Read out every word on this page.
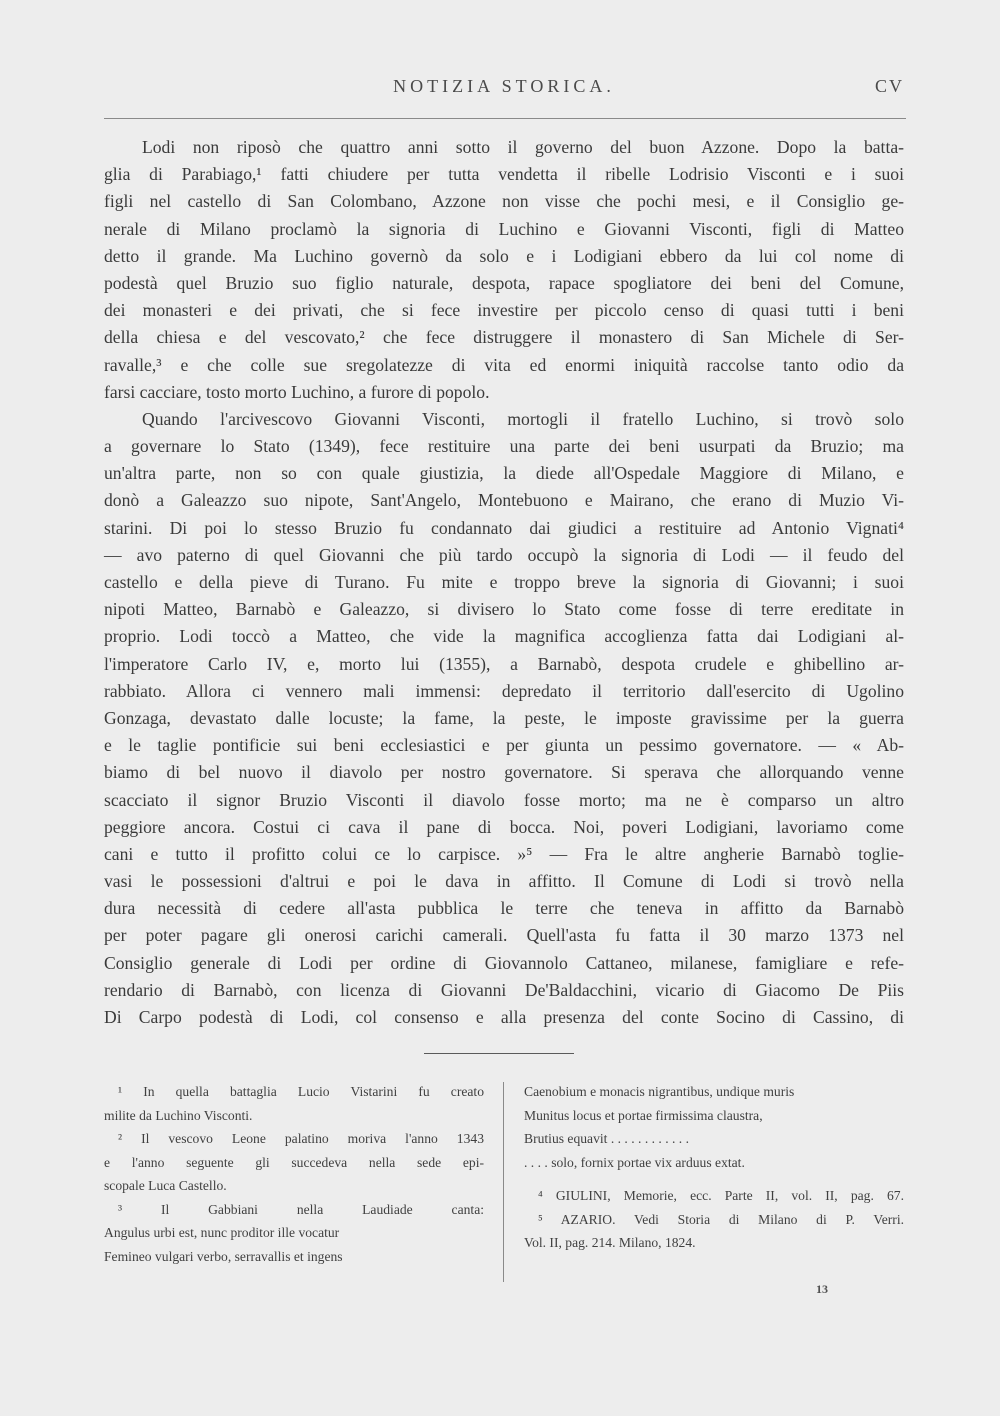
NOTIZIA STORICA.	CV
Lodi non riposò che quattro anni sotto il governo del buon Azzone. Dopo la batta-
glia di Parabiago,¹ fatti chiudere per tutta vendetta il ribelle Lodrisio Visconti e i suoi
figli nel castello di San Colombano, Azzone non visse che pochi mesi, e il Consiglio ge-
nerale di Milano proclamò la signoria di Luchino e Giovanni Visconti, figli di Matteo
detto il grande. Ma Luchino governò da solo e i Lodigiani ebbero da lui col nome di
podestà quel Bruzio suo figlio naturale, despota, rapace spogliatore dei beni del Comune,
dei monasteri e dei privati, che si fece investire per piccolo censo di quasi tutti i beni
della chiesa e del vescovato,² che fece distruggere il monastero di San Michele di Ser-
ravalle,³ e che colle sue sregolatezze di vita ed enormi iniquità raccolse tanto odio da
farsi cacciare, tosto morto Luchino, a furore di popolo.
Quando l'arcivescovo Giovanni Visconti, mortogli il fratello Luchino, si trovò solo
a governare lo Stato (1349), fece restituire una parte dei beni usurpati da Bruzio; ma
un'altra parte, non so con quale giustizia, la diede all'Ospedale Maggiore di Milano, e
donò a Galeazzo suo nipote, Sant'Angelo, Montebuono e Mairano, che erano di Muzio Vi-
starini. Di poi lo stesso Bruzio fu condannato dai giudici a restituire ad Antonio Vignati⁴
— avo paterno di quel Giovanni che più tardo occupò la signoria di Lodi — il feudo del
castello e della pieve di Turano. Fu mite e troppo breve la signoria di Giovanni; i suoi
nipoti Matteo, Barnabò e Galeazzo, si divisero lo Stato come fosse di terre ereditate in
proprio. Lodi toccò a Matteo, che vide la magnifica accoglienza fatta dai Lodigiani al-
l'imperatore Carlo IV, e, morto lui (1355), a Barnabò, despota crudele e ghibellino ar-
rabbiato. Allora ci vennero mali immensi: depredato il territorio dall'esercito di Ugolino
Gonzaga, devastato dalle locuste; la fame, la peste, le imposte gravissime per la guerra
e le taglie pontificie sui beni ecclesiastici e per giunta un pessimo governatore. — « Ab-
biamo di bel nuovo il diavolo per nostro governatore. Si sperava che allorquando venne
scacciato il signor Bruzio Visconti il diavolo fosse morto; ma ne è comparso un altro
peggiore ancora. Costui ci cava il pane di bocca. Noi, poveri Lodigiani, lavoriamo come
cani e tutto il profitto colui ce lo carpisce. »⁵ — Fra le altre angherie Barnabò toglie-
vasi le possessioni d'altrui e poi le dava in affitto. Il Comune di Lodi si trovò nella
dura necessità di cedere all'asta pubblica le terre che teneva in affitto da Barnabò
per poter pagare gli onerosi carichi camerali. Quell'asta fu fatta il 30 marzo 1373 nel
Consiglio generale di Lodi per ordine di Giovannolo Cattaneo, milanese, famigliare e refe-
rendario di Barnabò, con licenza di Giovanni De'Baldacchini, vicario di Giacomo De Piis
Di Carpo podestà di Lodi, col consenso e alla presenza del conte Socino di Cassino, di
¹ In quella battaglia Lucio Vistarini fu creato
milite da Luchino Visconti.
² Il vescovo Leone palatino moriva l'anno 1343
e l'anno seguente gli succedeva nella sede epi-
scopale Luca Castello.
³ Il Gabbiani nella Laudiade canta:
Angulus urbi est, nunc proditor ille vocatur
Femineo vulgari verbo, serravallis et ingens
Caenobium e monacis nigrantibus, undique muris
Munitus locus et portae firmissima claustra,
Brutius equavit . . . . . . . . . . . .
. . . . solo, fornix portae vix arduus extat.
⁴ GIULINI, Memorie, ecc. Parte II, vol. II, pag. 67.
⁵ AZARIO. Vedi Storia di Milano di P. Verri.
Vol. II, pag. 214. Milano, 1824.
13
